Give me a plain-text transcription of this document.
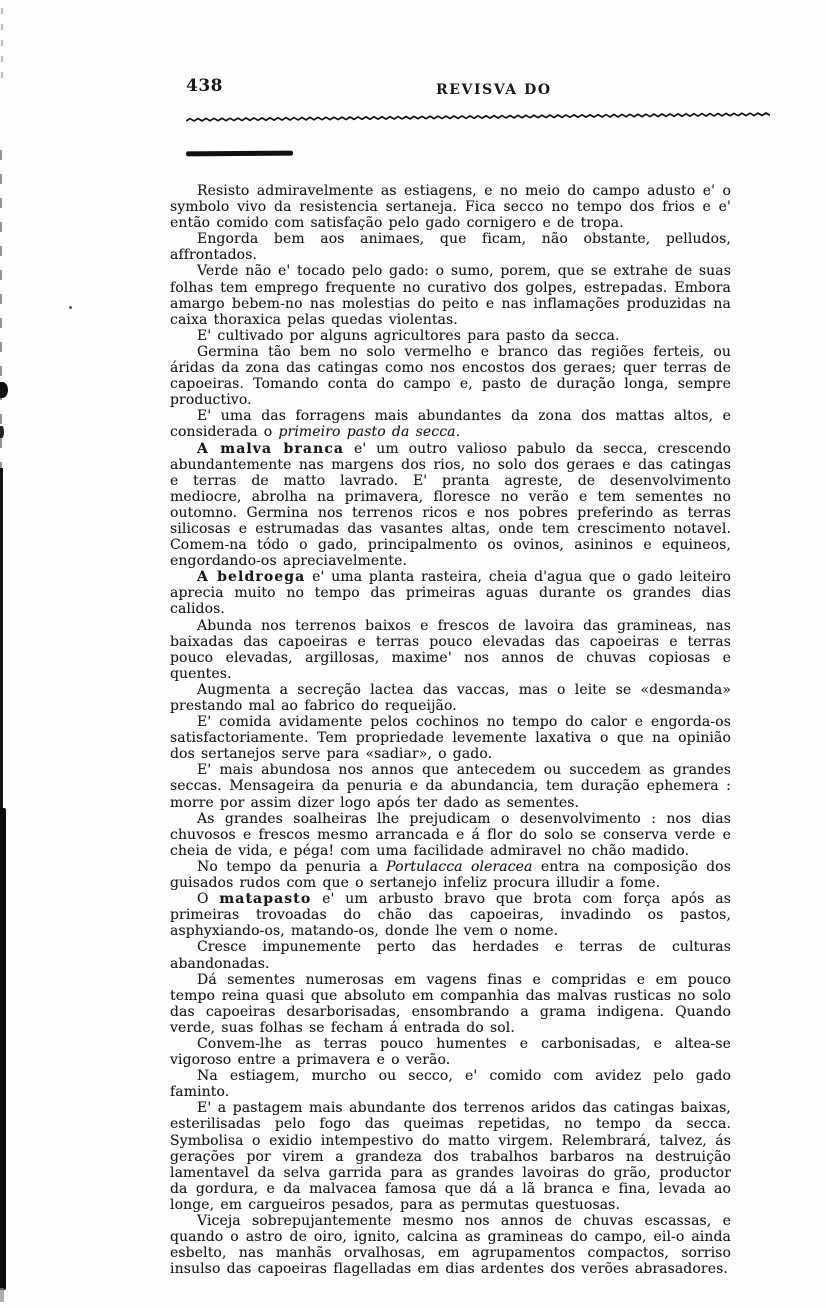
438	REVISVA DO

Resisto admiravelmente as estiagens, e no meio do campo adusto e' o symbolo vivo da resistencia sertaneja. Fica secco no tempo dos frios e e' então comido com satisfação pelo gado cornigero e de tropa.

Engorda bem aos animaes, que ficam, não obstante, pelludos, affrontados.

Verde não e' tocado pelo gado: o sumo, porem, que se extrahe de suas folhas tem emprego frequente no curativo dos golpes, estrepadas. Embora amargo bebem-no nas molestias do peito e nas inflamações produzidas na caixa thoraxica pelas quedas violentas.

E' cultivado por alguns agricultores para pasto da secca.

Germina tão bem no solo vermelho e branco das regiões ferteis, ou áridas da zona das catingas como nos encostos dos geraes; quer terras de capoeiras. Tomando conta do campo e, pasto de duração longa, sempre productivo.

E' uma das forragens mais abundantes da zona dos mattas altos, e considerada o primeiro pasto da secca.

A malva branca e' um outro valioso pabulo da secca, crescendo abundantemente nas margens dos rios, no solo dos geraes e das catingas e terras de matto lavrado. E' pranta agreste, de desenvolvimento mediocre, abrolha na primavera, floresce no verão e tem sementes no outomno. Germina nos terrenos ricos e nos pobres preferindo as terras silicosas e estrumadas das vasantes altas, onde tem crescimento notavel. Comem-na tódo o gado, principalmento os ovinos, asininos e equineos, engordando-os apreciavelmente.

A beldroega e' uma planta rasteira, cheia d'agua que o gado leiteiro aprecia muito no tempo das primeiras aguas durante os grandes dias calidos.

Abunda nos terrenos baixos e frescos de lavoira das gramineas, nas baixadas das capoeiras e terras pouco elevadas das capoeiras e terras pouco elevadas, argillosas, maxime' nos annos de chuvas copiosas e quentes.

Augmenta a secreção lactea das vaccas, mas o leite se «desmanda» prestando mal ao fabrico do requeijão.

E' comida avidamente pelos cochinos no tempo do calor e engorda-os satisfactoriamente. Tem propriedade levemente laxativa o que na opinião dos sertanejos serve para «sadiar», o gado.

E' mais abundosa nos annos que antecedem ou succedem as grandes seccas. Mensageira da penuria e da abundancia, tem duração ephemera : morre por assim dizer logo após ter dado as sementes.

As grandes soalheiras lhe prejudicam o desenvolvimento : nos dias chuvosos e frescos mesmo arrancada e á flor do solo se conserva verde e cheia de vida, e péga! com uma facilidade admiravel no chão madido.

No tempo da penuria a Portulacca oleracea entra na composição dos guisados rudos com que o sertanejo infeliz procura illudir a fome.

O matapasto e' um arbusto bravo que brota com força após as primeiras trovoadas do chão das capoeiras, invadindo os pastos, asphyxiando-os, matando-os, donde lhe vem o nome.

Cresce impunemente perto das herdades e terras de culturas abandonadas.

Dá sementes numerosas em vagens finas e compridas e em pouco tempo reina quasi que absoluto em companhia das malvas rusticas no solo das capoeiras desarborisadas, ensombrando a grama indigena. Quando verde, suas folhas se fecham á entrada do sol.

Convem-lhe as terras pouco humentes e carbonisadas, e altea-se vigoroso entre a primavera e o verão.

Na estiagem, murcho ou secco, e' comido com avidez pelo gado faminto.

E' a pastagem mais abundante dos terrenos aridos das catingas baixas, esterilisadas pelo fogo das queimas repetidas, no tempo da secca. Symbolisa o exidio intempestivo do matto virgem. Relembrará, talvez, ás gerações por virem a grandeza dos trabalhos barbaros na destruição lamentavel da selva garrida para as grandes lavoiras do grão, productor da gordura, e da malvacea famosa que dá a lã branca e fina, levada ao longe, em cargueiros pesados, para as permutas questuosas.

Viceja sobrepujantemente mesmo nos annos de chuvas escassas, e quando o astro de oiro, ignito, calcina as gramineas do campo, eil-o ainda esbelto, nas manhãs orvalhosas, em agrupamentos compactos, sorriso insulso das capoeiras flagelladas em dias ardentes dos verões abrasadores.
